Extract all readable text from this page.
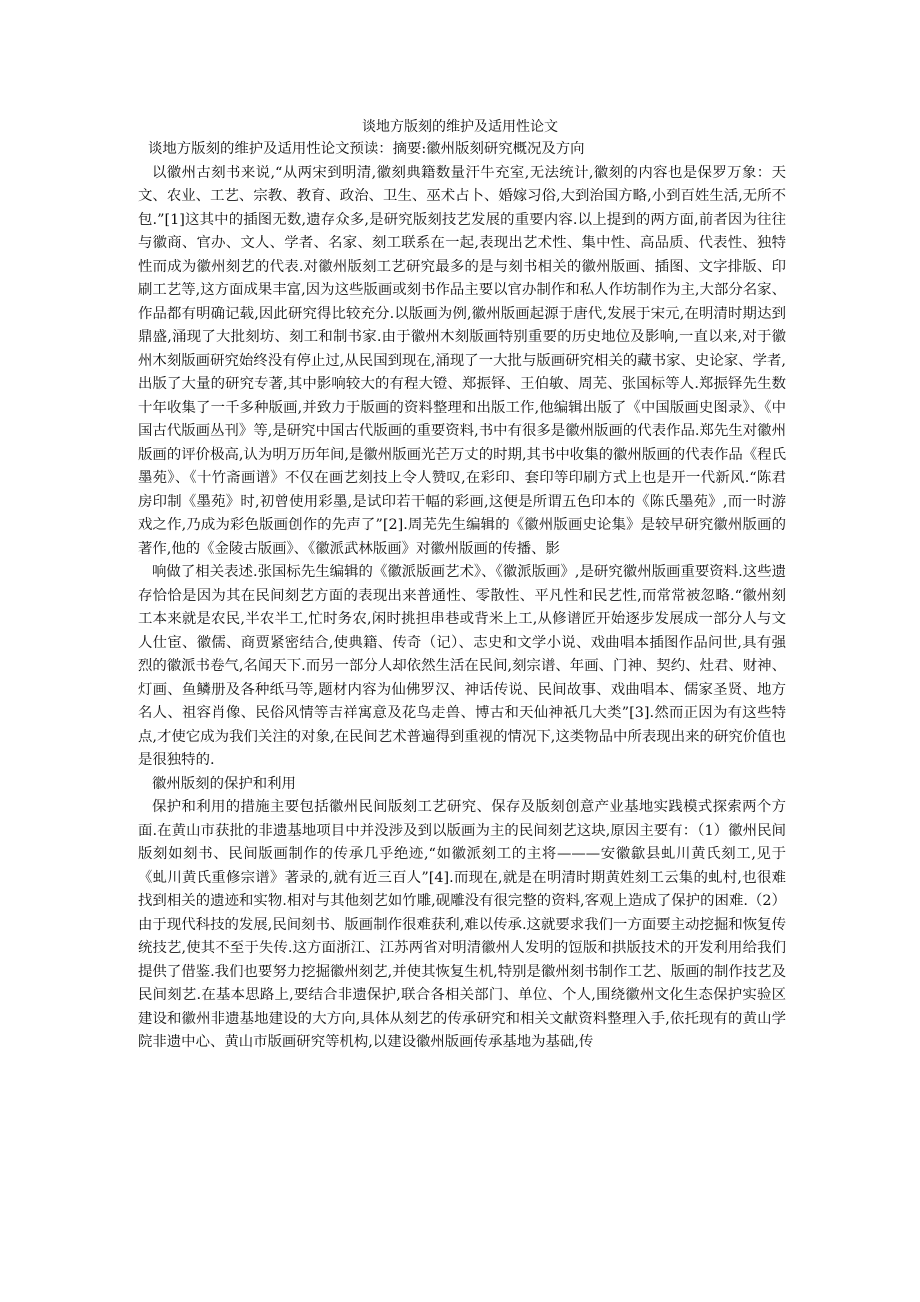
谈地方版刻的维护及适用性论文

谈地方版刻的维护及适用性论文预读：摘要:徽州版刻研究概况及方向

以徽州古刻书来说,“从两宋到明清,徽刻典籍数量汗牛充室,无法统计,徽刻的内容也是保罗万象：天文、农业、工艺、宗教、教育、政治、卫生、巫术占卜、婚嫁习俗,大到治国方略,小到百姓生活,无所不包.”[1]这其中的插图无数,遗存众多,是研究版刻技艺发展的重要内容.以上提到的两方面,前者因为往往与徽商、官办、文人、学者、名家、刻工联系在一起,表现出艺术性、集中性、高品质、代表性、独特性而成为徽州刻艺的代表.对徽州版刻工艺研究最多的是与刻书相关的徽州版画、插图、文字排版、印刷工艺等,这方面成果丰富,因为这些版画或刻书作品主要以官办制作和私人作坊制作为主,大部分名家、作品都有明确记载,因此研究得比较充分.以版画为例,徽州版画起源于唐代,发展于宋元,在明清时期达到鼎盛,涌现了大批刻坊、刻工和制书家.由于徽州木刻版画特别重要的历史地位及影响,一直以来,对于徽州木刻版画研究始终没有停止过,从民国到现在,涌现了一大批与版画研究相关的藏书家、史论家、学者,出版了大量的研究专著,其中影响较大的有程大镫、郑振铎、王伯敏、周芜、张国标等人.郑振铎先生数十年收集了一千多种版画,并致力于版画的资料整理和出版工作,他编辑出版了《中国版画史图录》、《中国古代版画丛刊》等,是研究中国古代版画的重要资料,书中有很多是徽州版画的代表作品.郑先生对徽州版画的评价极高,认为明万历年间,是徽州版画光芒万丈的时期,其书中收集的徽州版画的代表作品《程氏墨苑》、《十竹斋画谱》不仅在画艺刻技上令人赞叹,在彩印、套印等印刷方式上也是开一代新风.“陈君房印制《墨苑》时,初曾使用彩墨,是试印若干幅的彩画,这便是所谓五色印本的《陈氏墨苑》,而一时游戏之作,乃成为彩色版画创作的先声了”[2].周芜先生编辑的《徽州版画史论集》是较早研究徽州版画的著作,他的《金陵古版画》、《徽派武林版画》对徽州版画的传播、影

响做了相关表述.张国标先生编辑的《徽派版画艺术》、《徽派版画》,是研究徽州版画重要资料.这些遗存恰恰是因为其在民间刻艺方面的表现出来普通性、零散性、平凡性和民艺性,而常常被忽略.“徽州刻工本来就是农民,半农半工,忙时务农,闲时挑担串巷或背米上工,从修谱匠开始逐步发展成一部分人与文人仕宦、徽儒、商贾紧密结合,使典籍、传奇（记）、志史和文学小说、戏曲唱本插图作品问世,具有强烈的徽派书卷气,名闻天下.而另一部分人却依然生活在民间,刻宗谱、年画、门神、契约、灶君、财神、灯画、鱼鳞册及各种纸马等,题材内容为仙佛罗汉、神话传说、民间故事、戏曲唱本、儒家圣贤、地方名人、祖容肖像、民俗风情等吉祥寓意及花鸟走兽、博古和天仙神祇几大类”[3].然而正因为有这些特点,才使它成为我们关注的对象,在民间艺术普遍得到重视的情况下,这类物品中所表现出来的研究价值也是很独特的.

徽州版刻的保护和利用

保护和利用的措施主要包括徽州民间版刻工艺研究、保存及版刻创意产业基地实践模式探索两个方面.在黄山市获批的非遗基地项目中并没涉及到以版画为主的民间刻艺这块,原因主要有：（1）徽州民间版刻如刻书、民间版画制作的传承几乎绝迹,“如徽派刻工的主将———安徽歙县虬川黄氏刻工,见于《虬川黄氏重修宗谱》著录的,就有近三百人”[4].而现在,就是在明清时期黄姓刻工云集的虬村,也很难找到相关的遗迹和实物.相对与其他刻艺如竹雕,砚雕没有很完整的资料,客观上造成了保护的困难.（2）由于现代科技的发展,民间刻书、版画制作很难获利,难以传承.这就要求我们一方面要主动挖掘和恢复传统技艺,使其不至于失传.这方面浙江、江苏两省对明清徽州人发明的饾版和拱版技术的开发利用给我们提供了借鉴.我们也要努力挖掘徽州刻艺,并使其恢复生机,特别是徽州刻书制作工艺、版画的制作技艺及民间刻艺.在基本思路上,要结合非遗保护,联合各相关部门、单位、个人,围绕徽州文化生态保护实验区建设和徽州非遗基地建设的大方向,具体从刻艺的传承研究和相关文献资料整理入手,依托现有的黄山学院非遗中心、黄山市版画研究等机构,以建设徽州版画传承基地为基础,传
